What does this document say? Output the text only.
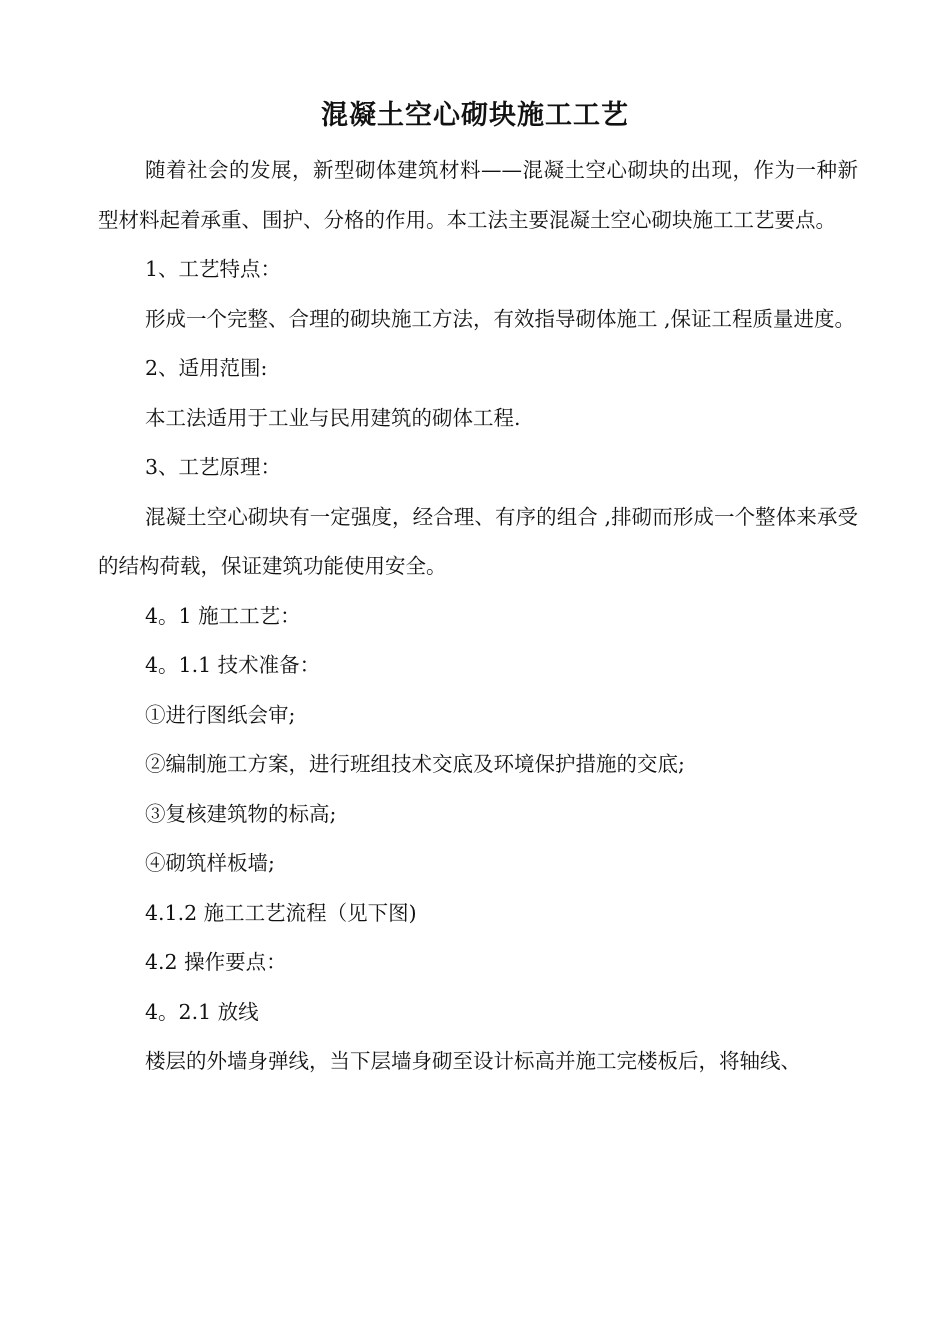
混凝土空心砌块施工工艺

随着社会的发展，新型砌体建筑材料——混凝土空心砌块的出现，作为一种新型材料起着承重、围护、分格的作用。本工法主要混凝土空心砌块施工工艺要点。

1、工艺特点：

形成一个完整、合理的砌块施工方法，有效指导砌体施工 ,保证工程质量进度。

2、适用范围:

本工法适用于工业与民用建筑的砌体工程.

3、工艺原理：

混凝土空心砌块有一定强度，经合理、有序的组合 ,排砌而形成一个整体来承受的结构荷载，保证建筑功能使用安全。

4。1 施工工艺：

4。1.1 技术准备：

①进行图纸会审;

②编制施工方案，进行班组技术交底及环境保护措施的交底;

③复核建筑物的标高;

④砌筑样板墙;

4.1.2 施工工艺流程（见下图)

4.2 操作要点：

4。2.1 放线

楼层的外墙身弹线，当下层墙身砌至设计标高并施工完楼板后，将轴线、
